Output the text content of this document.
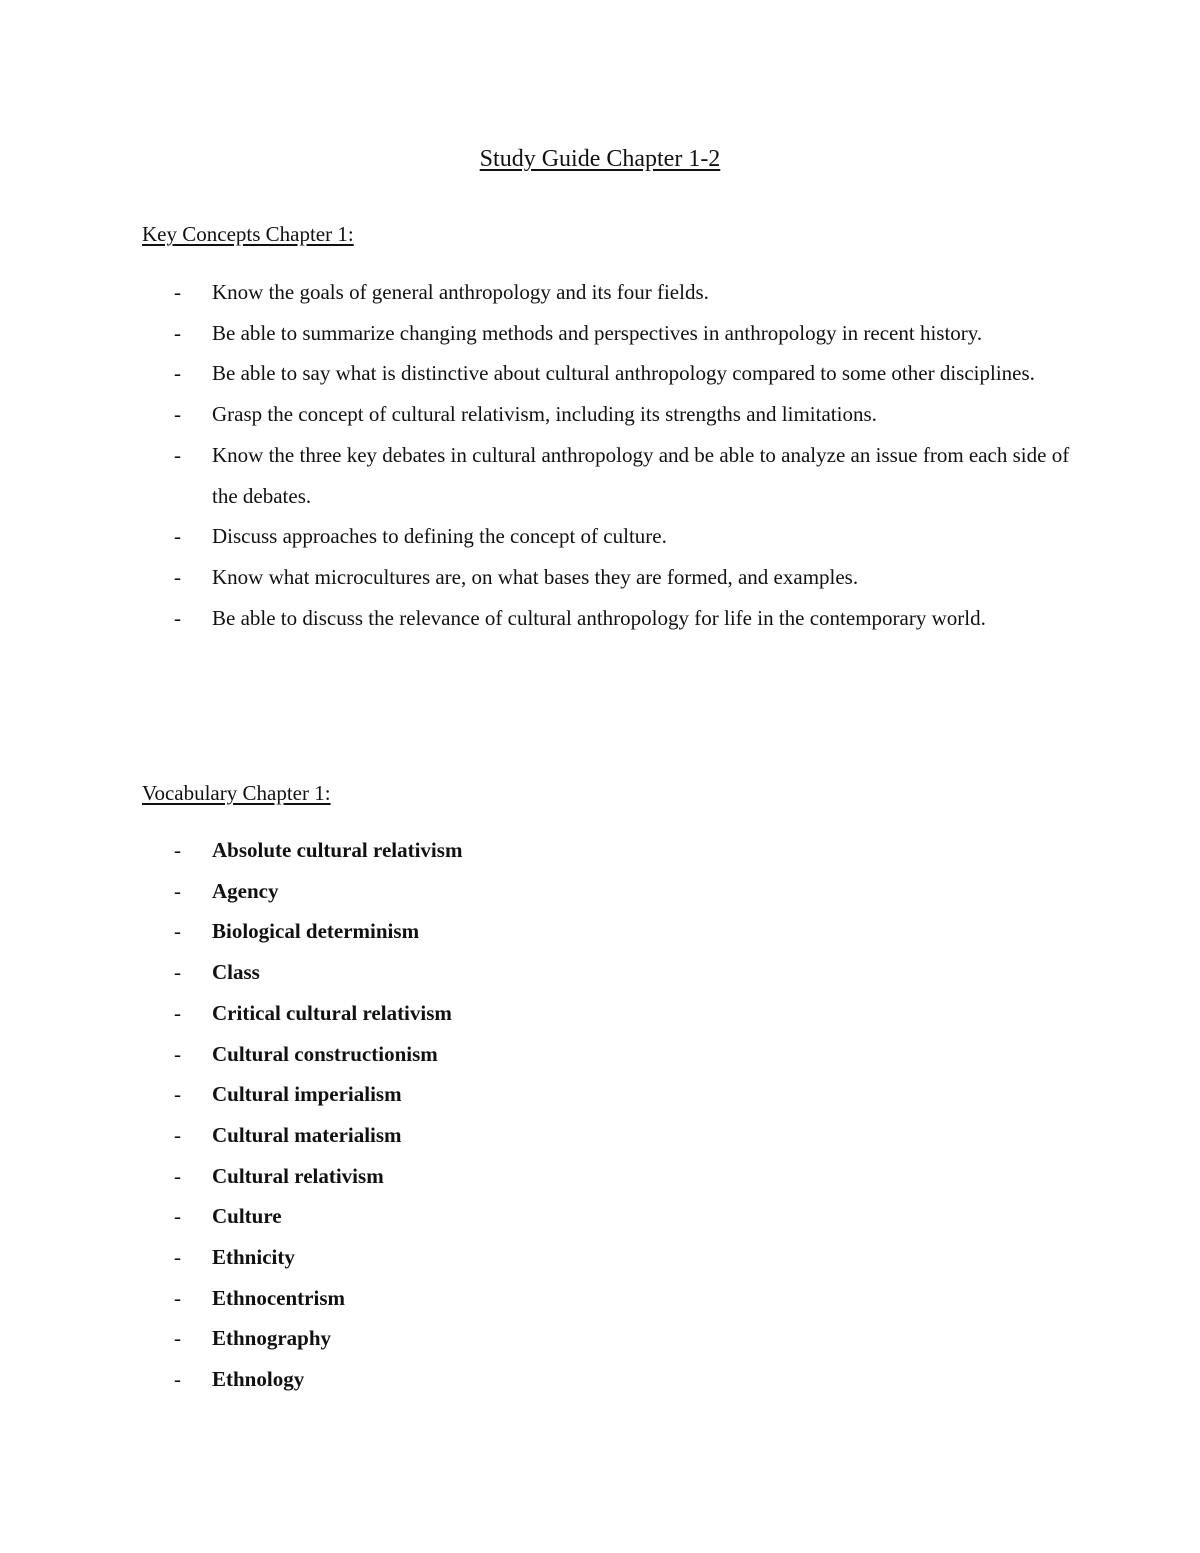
Study Guide Chapter 1-2
Key Concepts Chapter 1:
- Know the goals of general anthropology and its four fields.
- Be able to summarize changing methods and perspectives in anthropology in recent history.
- Be able to say what is distinctive about cultural anthropology compared to some other disciplines.
- Grasp the concept of cultural relativism, including its strengths and limitations.
- Know the three key debates in cultural anthropology and be able to analyze an issue from each side of the debates.
- Discuss approaches to defining the concept of culture.
- Know what microcultures are, on what bases they are formed, and examples.
- Be able to discuss the relevance of cultural anthropology for life in the contemporary world.
Vocabulary Chapter 1:
- Absolute cultural relativism
- Agency
- Biological determinism
- Class
- Critical cultural relativism
- Cultural constructionism
- Cultural imperialism
- Cultural materialism
- Cultural relativism
- Culture
- Ethnicity
- Ethnocentrism
- Ethnography
- Ethnology
